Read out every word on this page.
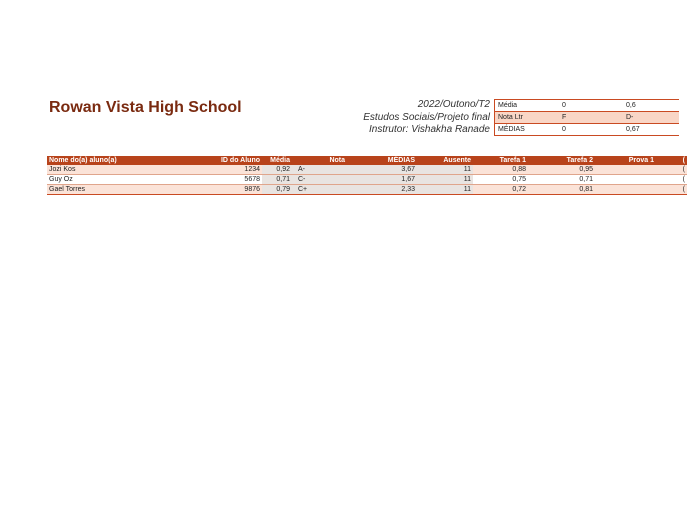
Rowan Vista High School	2022/Outono/T2
Estudos Sociais/Projeto final
Instrutor: Vishakha Ranade
Média	0	0,6
Nota Ltr	F	D-
MÉDIAS	0	0,67
Nome do(a) aluno(a)	ID do Aluno	Média	Nota	MÉDIAS	Ausente	Tarefa 1	Tarefa 2	Prova 1	(
Jozi Kos	1234	0,92	A-	3,67	11	0,88	0,95		(
Guy Oz	5678	0,71	C-	1,67	11	0,75	0,71		(
Gael Torres	9876	0,79	C+	2,33	11	0,72	0,81		(
